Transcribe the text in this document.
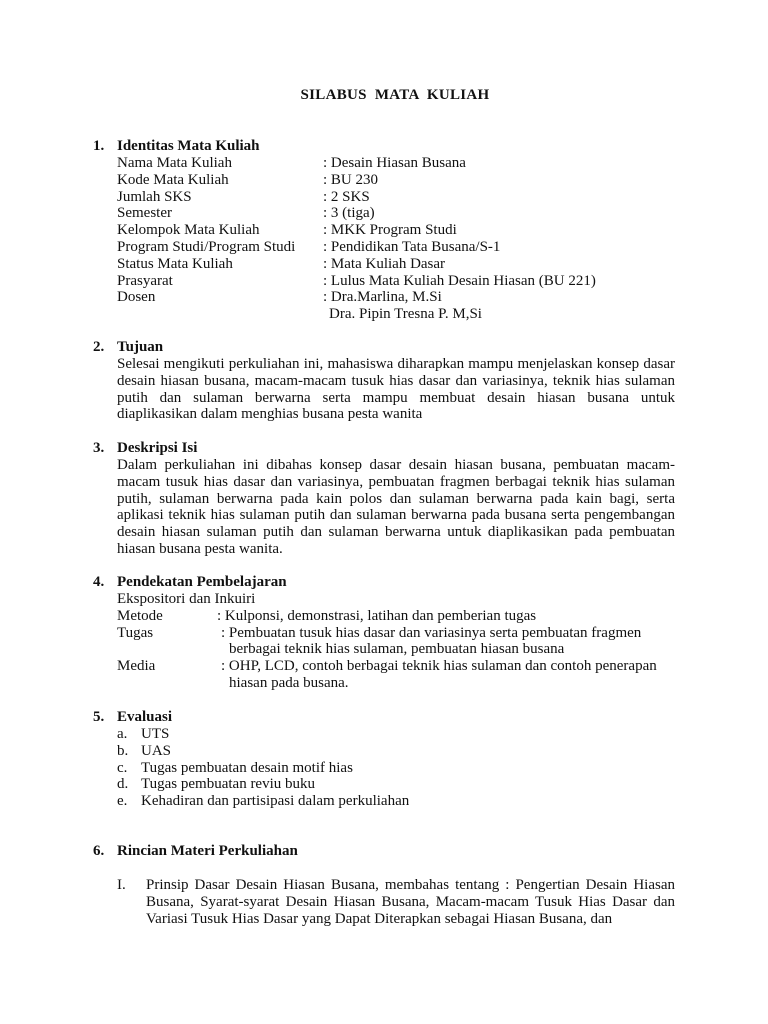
SILABUS MATA KULIAH
1. Identitas Mata Kuliah
Nama Mata Kuliah	: Desain Hiasan Busana
Kode Mata Kuliah	: BU 230
Jumlah SKS	: 2 SKS
Semester	: 3 (tiga)
Kelompok Mata Kuliah	: MKK Program Studi
Program Studi/Program Studi : Pendidikan Tata Busana/S-1
Status Mata Kuliah	: Mata Kuliah Dasar
Prasyarat	: Lulus Mata Kuliah Desain Hiasan (BU 221)
Dosen	: Dra.Marlina, M.Si
Dra. Pipin Tresna P. M,Si
2. Tujuan
Selesai mengikuti perkuliahan ini, mahasiswa diharapkan mampu menjelaskan konsep dasar desain hiasan busana, macam-macam tusuk hias dasar dan variasinya, teknik hias sulaman putih dan sulaman berwarna serta mampu membuat desain hiasan busana untuk diaplikasikan dalam menghias busana pesta wanita
3. Deskripsi Isi
Dalam perkuliahan ini dibahas konsep dasar desain hiasan busana, pembuatan macam-macam tusuk hias dasar dan variasinya, pembuatan fragmen berbagai teknik hias sulaman putih, sulaman berwarna pada kain polos dan sulaman berwarna pada kain bagi, serta aplikasi teknik hias sulaman putih dan sulaman berwarna pada busana serta pengembangan desain hiasan sulaman putih dan sulaman berwarna untuk diaplikasikan pada pembuatan hiasan busana pesta wanita.
4. Pendekatan Pembelajaran
Ekspositori dan Inkuiri
Metode	: Kulponsi, demonstrasi, latihan dan pemberian tugas
Tugas	: Pembuatan tusuk hias dasar dan variasinya serta pembuatan fragmen
berbagai teknik hias sulaman, pembuatan hiasan busana
Media	: OHP, LCD, contoh berbagai teknik hias sulaman dan contoh penerapan
hiasan pada busana.
5. Evaluasi
a. UTS
b. UAS
c. Tugas pembuatan desain motif hias
d. Tugas pembuatan reviu buku
e. Kehadiran dan partisipasi dalam perkuliahan
6. Rincian Materi Perkuliahan
I. Prinsip Dasar Desain Hiasan Busana, membahas tentang : Pengertian Desain Hiasan Busana, Syarat-syarat Desain Hiasan Busana, Macam-macam Tusuk Hias Dasar dan Variasi Tusuk Hias Dasar yang Dapat Diterapkan sebagai Hiasan Busana, dan
